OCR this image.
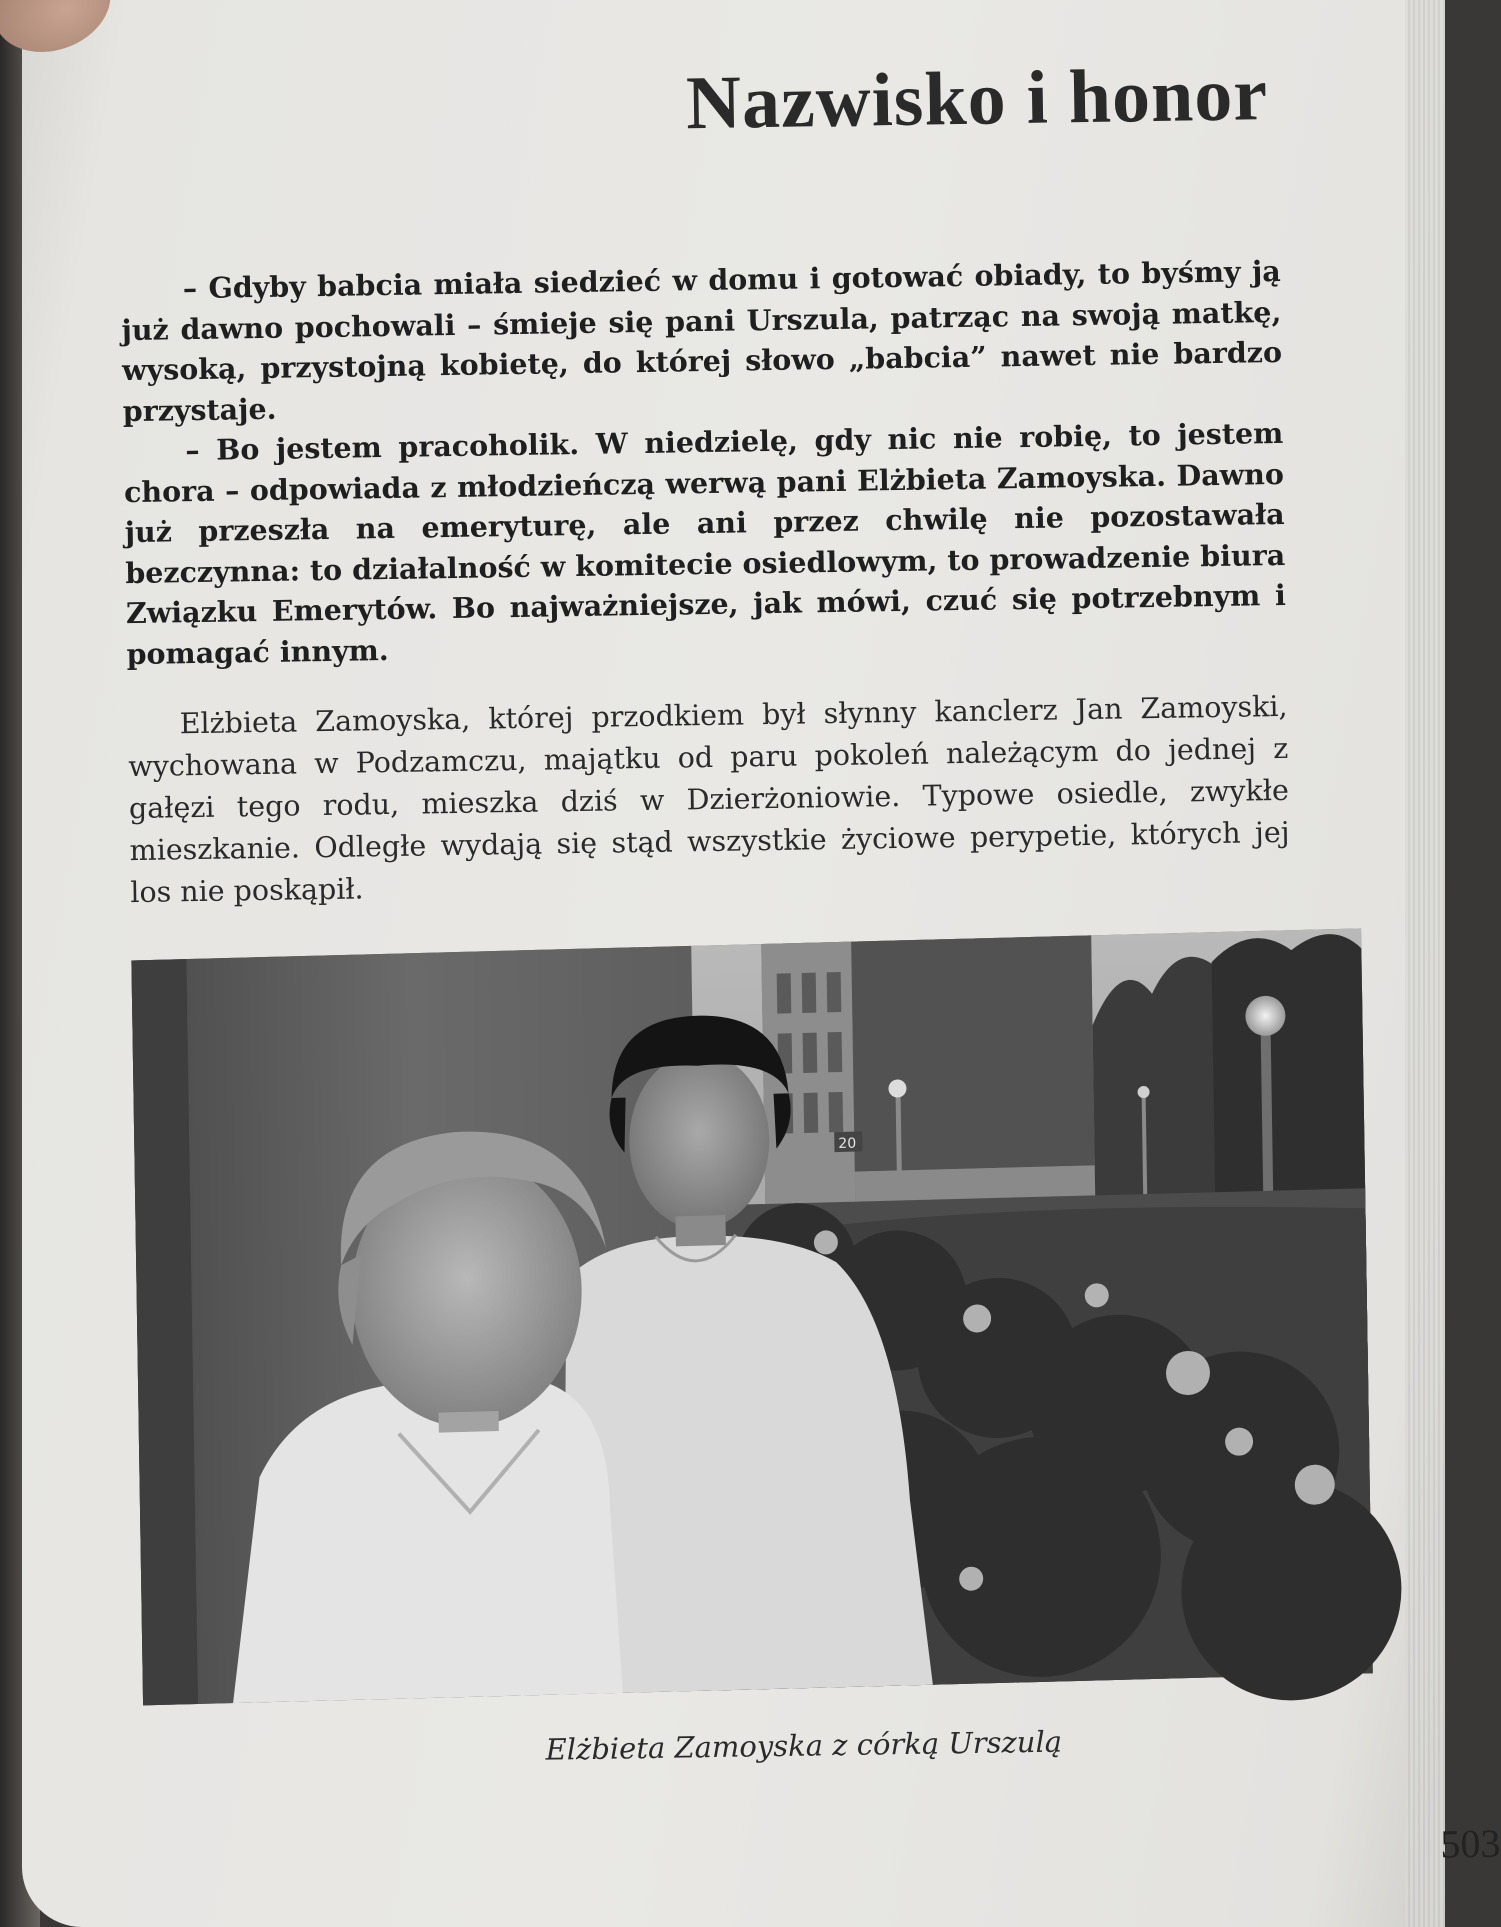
Nazwisko i honor

– Gdyby babcia miała siedzieć w domu i gotować obiady, to byśmy ją już dawno pochowali – śmieje się pani Urszula, patrząc na swoją matkę, wysoką, przystojną kobietę, do której słowo „babcia” nawet nie bardzo przystaje.

– Bo jestem pracoholik. W niedzielę, gdy nic nie robię, to jestem chora – odpowiada z młodzieńczą werwą pani Elżbieta Zamoyska. Dawno już przeszła na emeryturę, ale ani przez chwilę nie pozostawała bezczynna: to działalność w komitecie osiedlowym, to prowadzenie biura Związku Emerytów. Bo najważniejsze, jak mówi, czuć się potrzebnym i pomagać innym.

Elżbieta Zamoyska, której przodkiem był słynny kanclerz Jan Zamoyski, wychowana w Podzamczu, majątku od paru pokoleń należącym do jednej z gałęzi tego rodu, mieszka dziś w Dzierżoniowie. Typowe osiedle, zwykłe mieszkanie. Odległe wydają się stąd wszystkie życiowe perypetie, których jej los nie poskąpił.

20

Elżbieta Zamoyska z córką Urszulą

503
